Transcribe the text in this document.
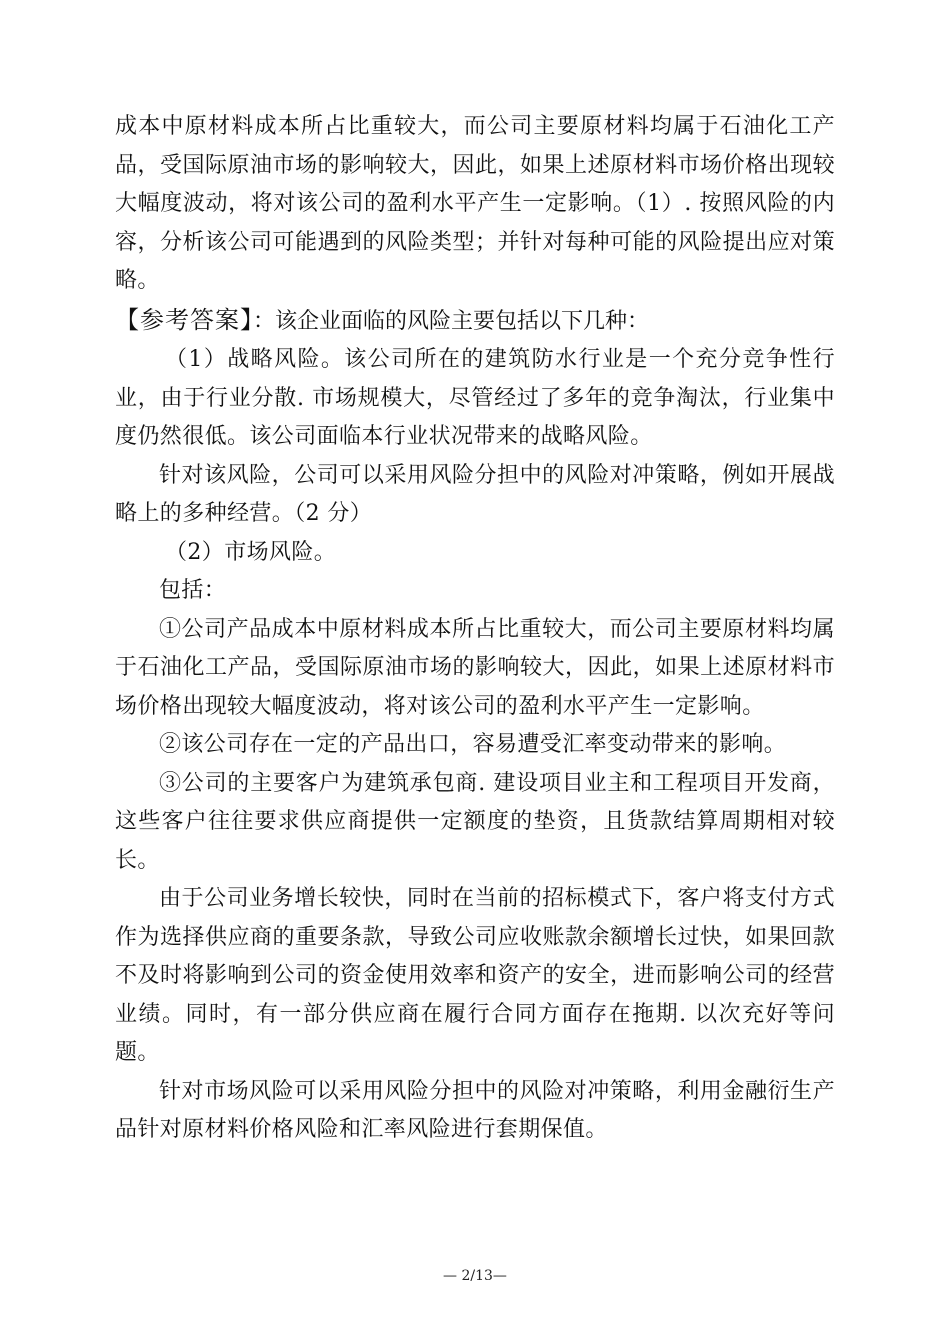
成本中原材料成本所占比重较大，而公司主要原材料均属于石油化工产品，受国际原油市场的影响较大，因此，如果上述原材料市场价格出现较大幅度波动，将对该公司的盈利水平产生一定影响。（1）. 按照风险的内容，分析该公司可能遇到的风险类型；并针对每种可能的风险提出应对策略。

【参考答案】：该企业面临的风险主要包括以下几种：

（1）战略风险。该公司所在的建筑防水行业是一个充分竞争性行业，由于行业分散. 市场规模大，尽管经过了多年的竞争淘汰，行业集中度仍然很低。该公司面临本行业状况带来的战略风险。

针对该风险，公司可以采用风险分担中的风险对冲策略，例如开展战略上的多种经营。（2 分）

（2）市场风险。

包括：

①公司产品成本中原材料成本所占比重较大，而公司主要原材料均属于石油化工产品，受国际原油市场的影响较大，因此，如果上述原材料市场价格出现较大幅度波动，将对该公司的盈利水平产生一定影响。

②该公司存在一定的产品出口，容易遭受汇率变动带来的影响。

③公司的主要客户为建筑承包商. 建设项目业主和工程项目开发商，这些客户往往要求供应商提供一定额度的垫资，且货款结算周期相对较长。

由于公司业务增长较快，同时在当前的招标模式下，客户将支付方式作为选择供应商的重要条款，导致公司应收账款余额增长过快，如果回款不及时将影响到公司的资金使用效率和资产的安全，进而影响公司的经营业绩。同时，有一部分供应商在履行合同方面存在拖期. 以次充好等问题。

针对市场风险可以采用风险分担中的风险对冲策略，利用金融衍生产品针对原材料价格风险和汇率风险进行套期保值。

— 2/13—
